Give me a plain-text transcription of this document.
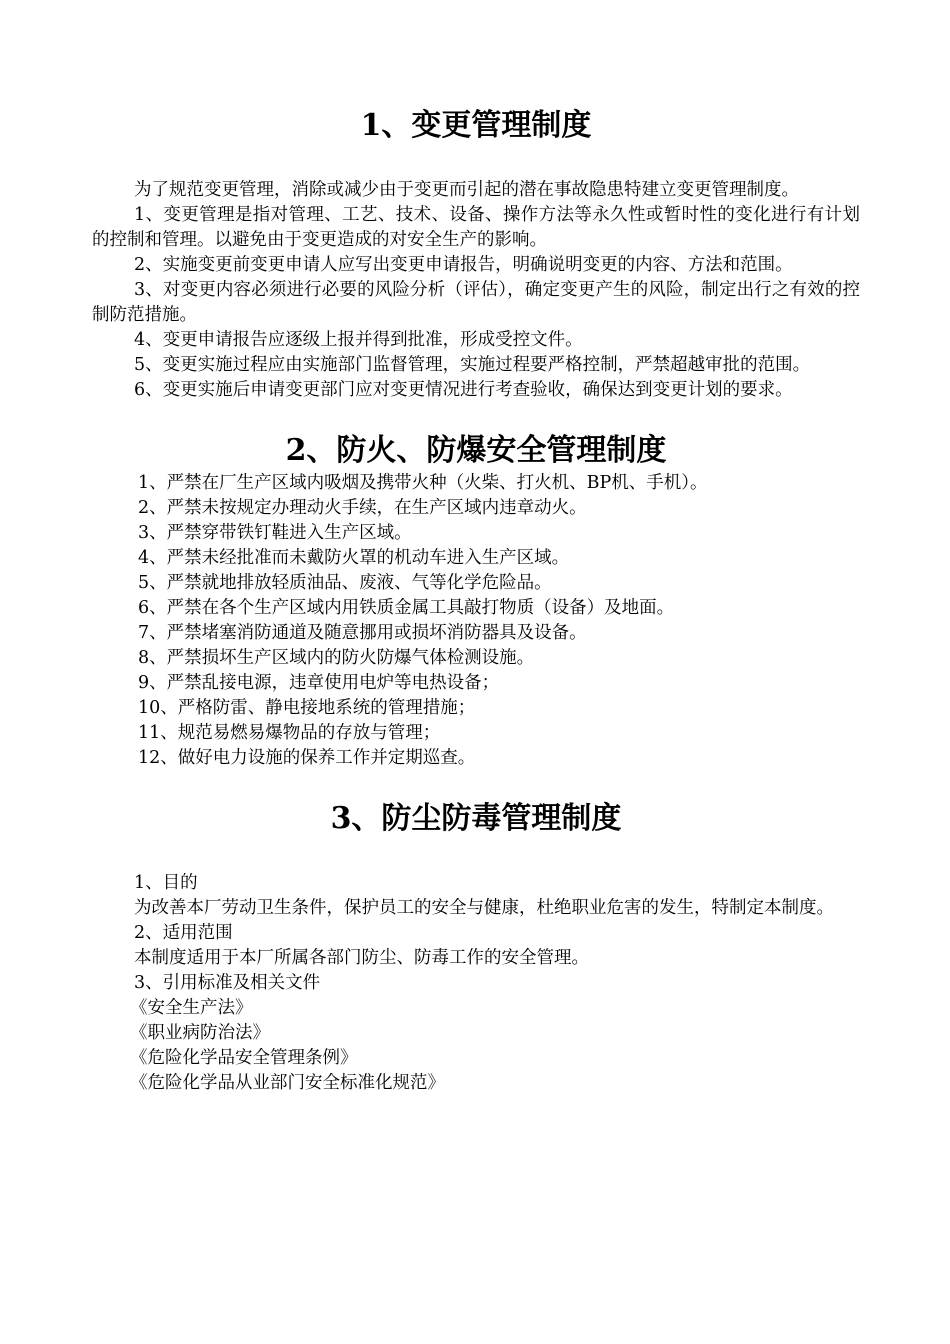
1、变更管理制度

为了规范变更管理，消除或减少由于变更而引起的潜在事故隐患特建立变更管理制度。

1、变更管理是指对管理、工艺、技术、设备、操作方法等永久性或暂时性的变化进行有计划的控制和管理。以避免由于变更造成的对安全生产的影响。

2、实施变更前变更申请人应写出变更申请报告，明确说明变更的内容、方法和范围。

3、对变更内容必须进行必要的风险分析（评估），确定变更产生的风险，制定出行之有效的控制防范措施。

4、变更申请报告应逐级上报并得到批准，形成受控文件。

5、变更实施过程应由实施部门监督管理，实施过程要严格控制，严禁超越审批的范围。

6、变更实施后申请变更部门应对变更情况进行考查验收，确保达到变更计划的要求。

2、防火、防爆安全管理制度
1、严禁在厂生产区域内吸烟及携带火种（火柴、打火机、BP机、手机）。
2、严禁未按规定办理动火手续，在生产区域内违章动火。
3、严禁穿带铁钉鞋进入生产区域。
4、严禁未经批准而未戴防火罩的机动车进入生产区域。
5、严禁就地排放轻质油品、废液、气等化学危险品。
6、严禁在各个生产区域内用铁质金属工具敲打物质（设备）及地面。
7、严禁堵塞消防通道及随意挪用或损坏消防器具及设备。
8、严禁损坏生产区域内的防火防爆气体检测设施。
9、严禁乱接电源，违章使用电炉等电热设备；
10、严格防雷、静电接地系统的管理措施；
11、规范易燃易爆物品的存放与管理；
12、做好电力设施的保养工作并定期巡查。
3、防尘防毒管理制度

1、目的

为改善本厂劳动卫生条件，保护员工的安全与健康，杜绝职业危害的发生，特制定本制度。

2、适用范围

本制度适用于本厂所属各部门防尘、防毒工作的安全管理。

3、引用标准及相关文件

《安全生产法》
《职业病防治法》
《危险化学品安全管理条例》
《危险化学品从业部门安全标准化规范》
